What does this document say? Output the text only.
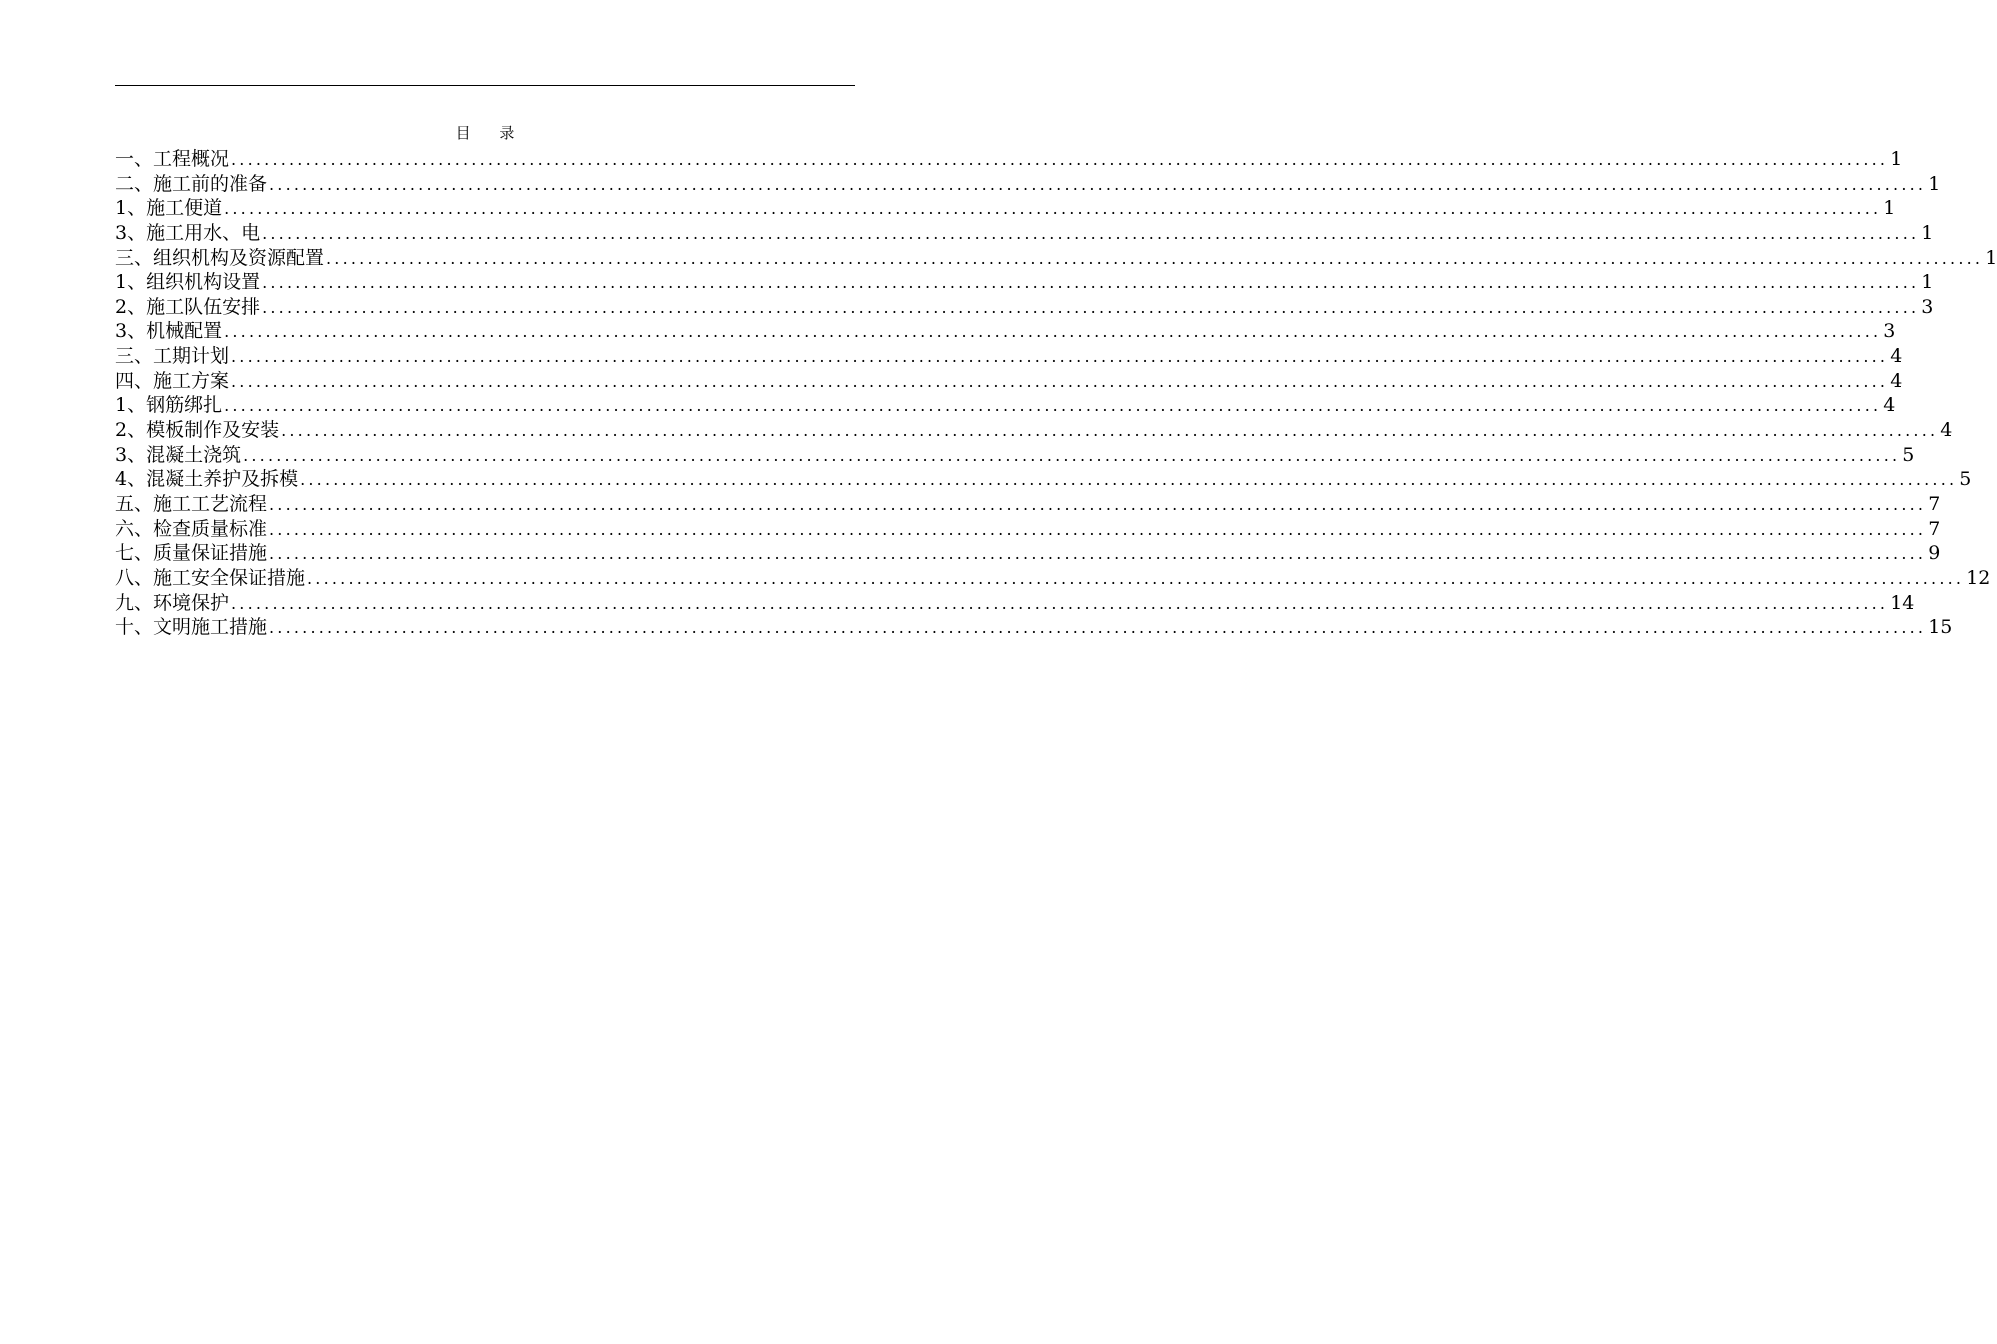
目 录
一、工程概况 ........................................................................................................................................................................................................ 1
二、施工前的准备 ........................................................................................................................................................................................................ 1
1、施工便道 ........................................................................................................................................................................................................ 1
3、施工用水、电 ........................................................................................................................................................................................................ 1
三、组织机构及资源配置 ........................................................................................................................................................................................................ 1
1、组织机构设置 ........................................................................................................................................................................................................ 1
2、施工队伍安排 ........................................................................................................................................................................................................ 3
3、机械配置 ........................................................................................................................................................................................................ 3
三、工期计划 ........................................................................................................................................................................................................ 4
四、施工方案 ........................................................................................................................................................................................................ 4
1、钢筋绑扎 ........................................................................................................................................................................................................ 4
2、模板制作及安装 ........................................................................................................................................................................................................ 4
3、混凝土浇筑 ........................................................................................................................................................................................................ 5
4、混凝土养护及拆模 ........................................................................................................................................................................................................ 5
五、施工工艺流程 ........................................................................................................................................................................................................ 7
六、检查质量标准 ........................................................................................................................................................................................................ 7
七、质量保证措施 ........................................................................................................................................................................................................ 9
八、施工安全保证措施 ........................................................................................................................................................................................................ 12
九、环境保护 ........................................................................................................................................................................................................ 14
十、文明施工措施 ........................................................................................................................................................................................................ 15
